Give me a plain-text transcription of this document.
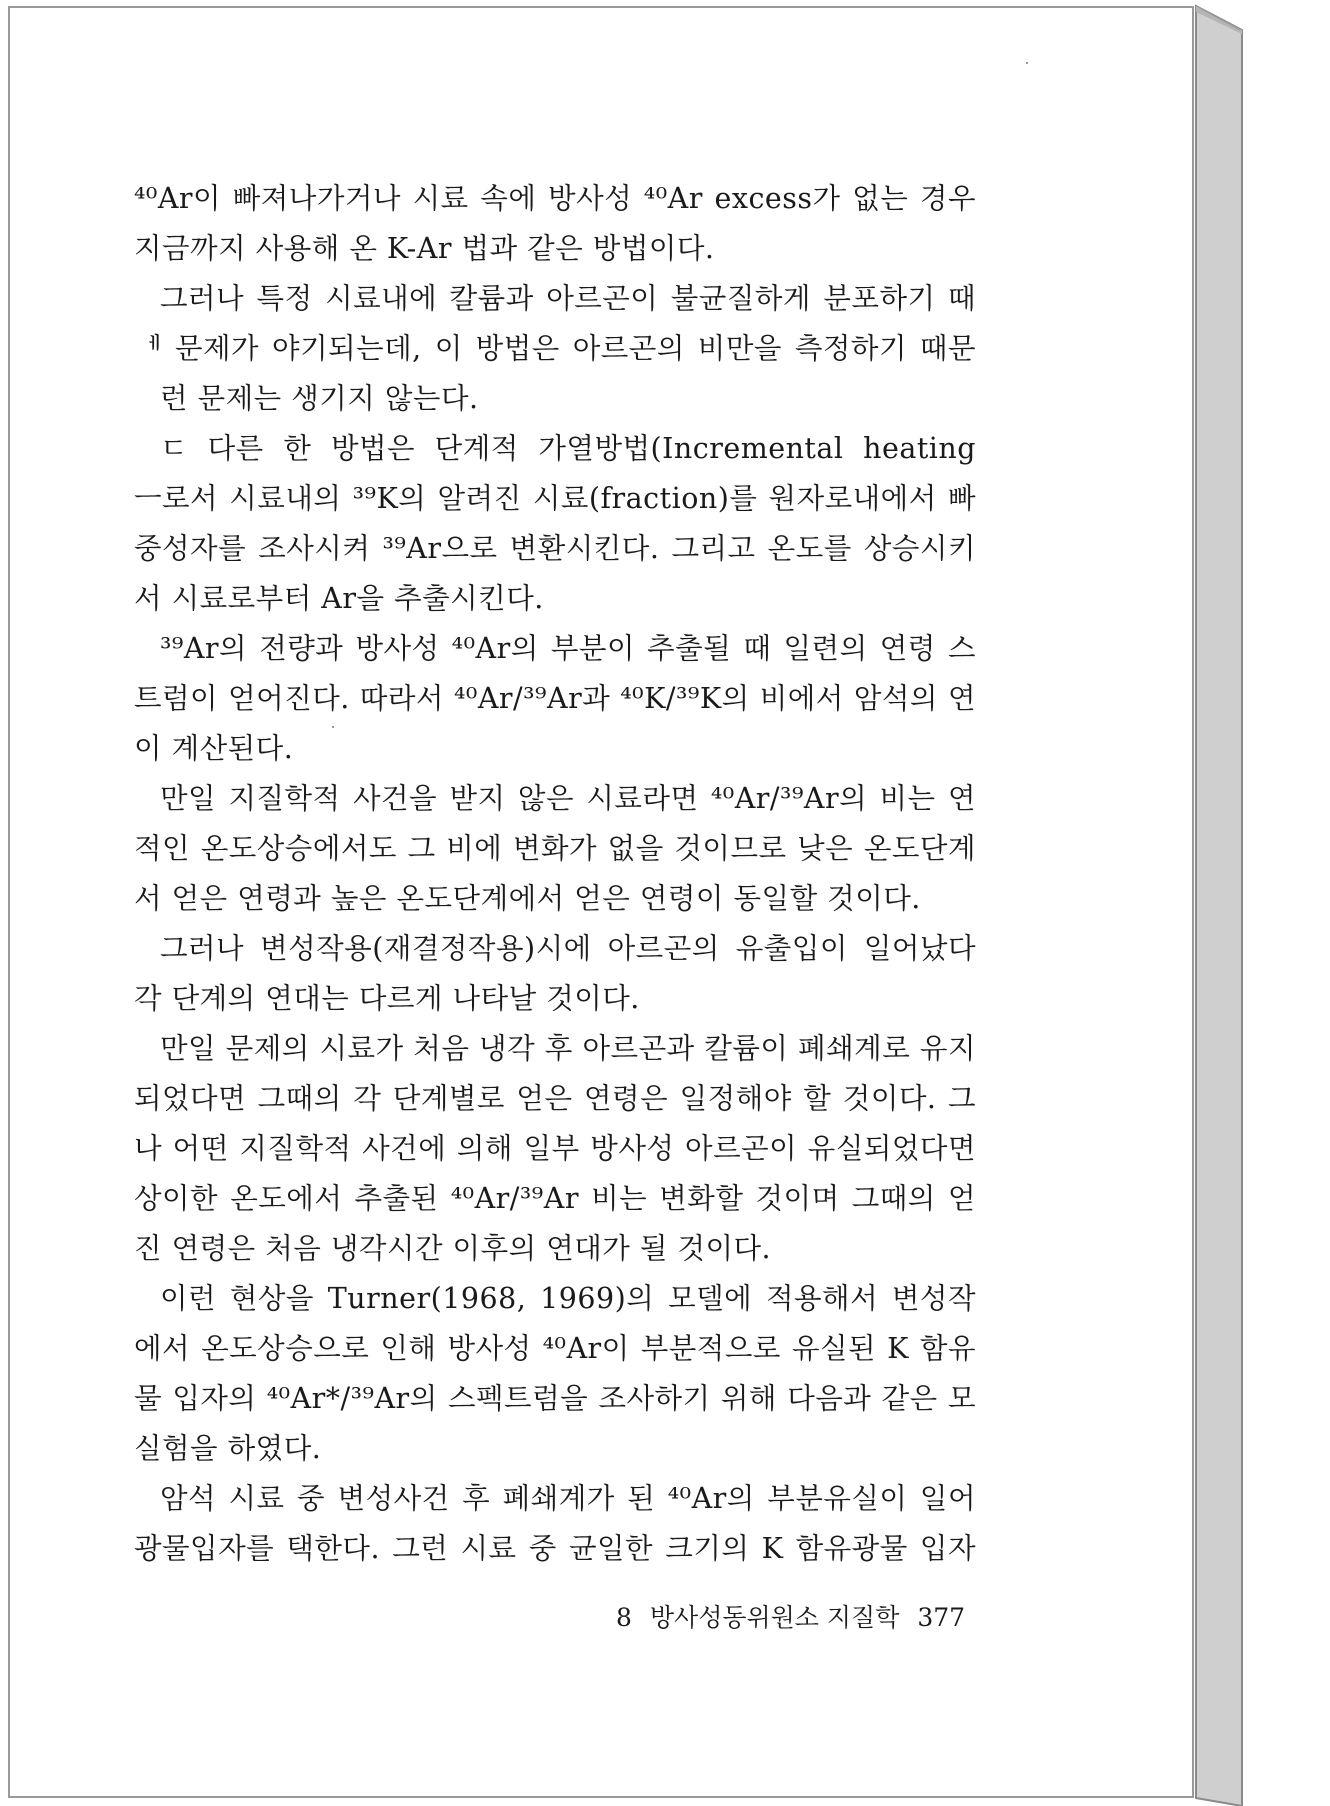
⁴⁰Ar이 빠져나가거나 시료 속에 방사성 ⁴⁰Ar excess가 없는 경우
지금까지 사용해 온 K-Ar 법과 같은 방법이다.
그러나 특정 시료내에 칼륨과 아르곤이 불균질하게 분포하기 때
ᅦ 문제가 야기되는데, 이 방법은 아르곤의 비만을 측정하기 때문
런 문제는 생기지 않는다.
ㄷ 다른 한 방법은 단계적 가열방법(Incremental heating
ㅡ로서 시료내의 ³⁹K의 알려진 시료(fraction)를 원자로내에서 빠
중성자를 조사시켜 ³⁹Ar으로 변환시킨다. 그리고 온도를 상승시키
서 시료로부터 Ar을 추출시킨다.
³⁹Ar의 전량과 방사성 ⁴⁰Ar의 부분이 추출될 때 일련의 연령 스
트럼이 얻어진다. 따라서 ⁴⁰Ar/³⁹Ar과 ⁴⁰K/³⁹K의 비에서 암석의 연
이 계산된다.
만일 지질학적 사건을 받지 않은 시료라면 ⁴⁰Ar/³⁹Ar의 비는 연
적인 온도상승에서도 그 비에 변화가 없을 것이므로 낮은 온도단계
서 얻은 연령과 높은 온도단계에서 얻은 연령이 동일할 것이다.
그러나 변성작용(재결정작용)시에 아르곤의 유출입이 일어났다
각 단계의 연대는 다르게 나타날 것이다.
만일 문제의 시료가 처음 냉각 후 아르곤과 칼륨이 폐쇄계로 유지
되었다면 그때의 각 단계별로 얻은 연령은 일정해야 할 것이다. 그
나 어떤 지질학적 사건에 의해 일부 방사성 아르곤이 유실되었다면
상이한 온도에서 추출된 ⁴⁰Ar/³⁹Ar 비는 변화할 것이며 그때의 얻
진 연령은 처음 냉각시간 이후의 연대가 될 것이다.
이런 현상을 Turner(1968, 1969)의 모델에 적용해서 변성작
에서 온도상승으로 인해 방사성 ⁴⁰Ar이 부분적으로 유실된 K 함유
물 입자의 ⁴⁰Ar*/³⁹Ar의 스펙트럼을 조사하기 위해 다음과 같은 모
실험을 하였다.
암석 시료 중 변성사건 후 폐쇄계가 된 ⁴⁰Ar의 부분유실이 일어
광물입자를 택한다. 그런 시료 중 균일한 크기의 K 함유광물 입자
8 방사성동위원소 지질학 377
